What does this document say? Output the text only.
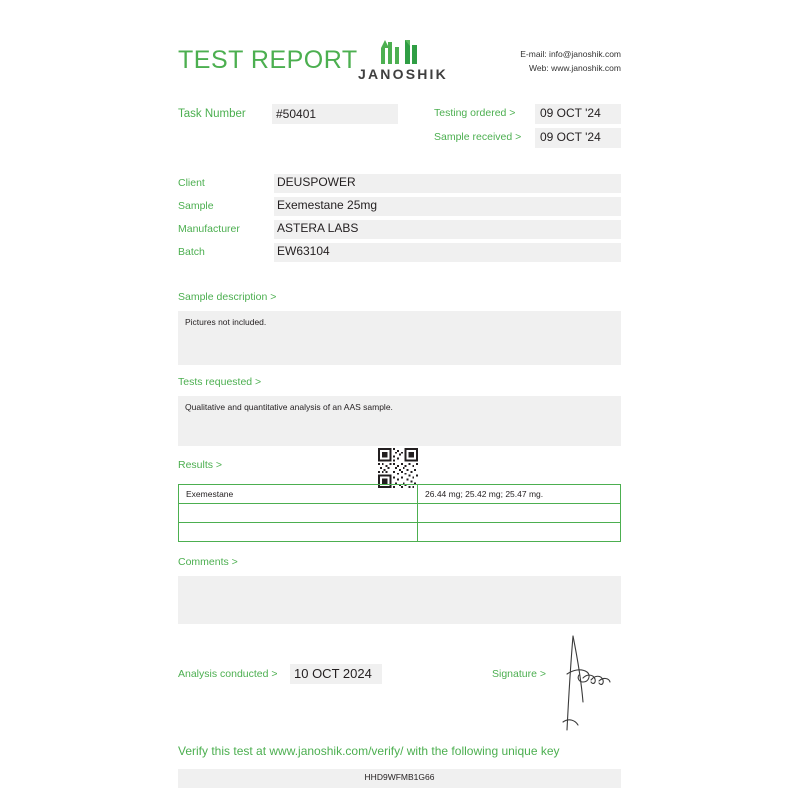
TEST REPORT JANOSHIK
E-mail: info@janoshik.com
Web: www.janoshik.com
Task Number	#50401	Testing ordered > 09 OCT '24
Sample received > 09 OCT '24
Client	DEUSPOWER
Sample	Exemestane 25mg
Manufacturer	ASTERA LABS
Batch	EW63104
Sample description >
Pictures not included.
Tests requested >
Qualitative and quantitative analysis of an AAS sample.
Results >
Exemestane	26.44 mg; 25.42 mg; 25.47 mg.

Comments >
Analysis conducted > 10 OCT 2024	Signature >
Verify this test at www.janoshik.com/verify/ with the following unique key
HHD9WFMB1G66
